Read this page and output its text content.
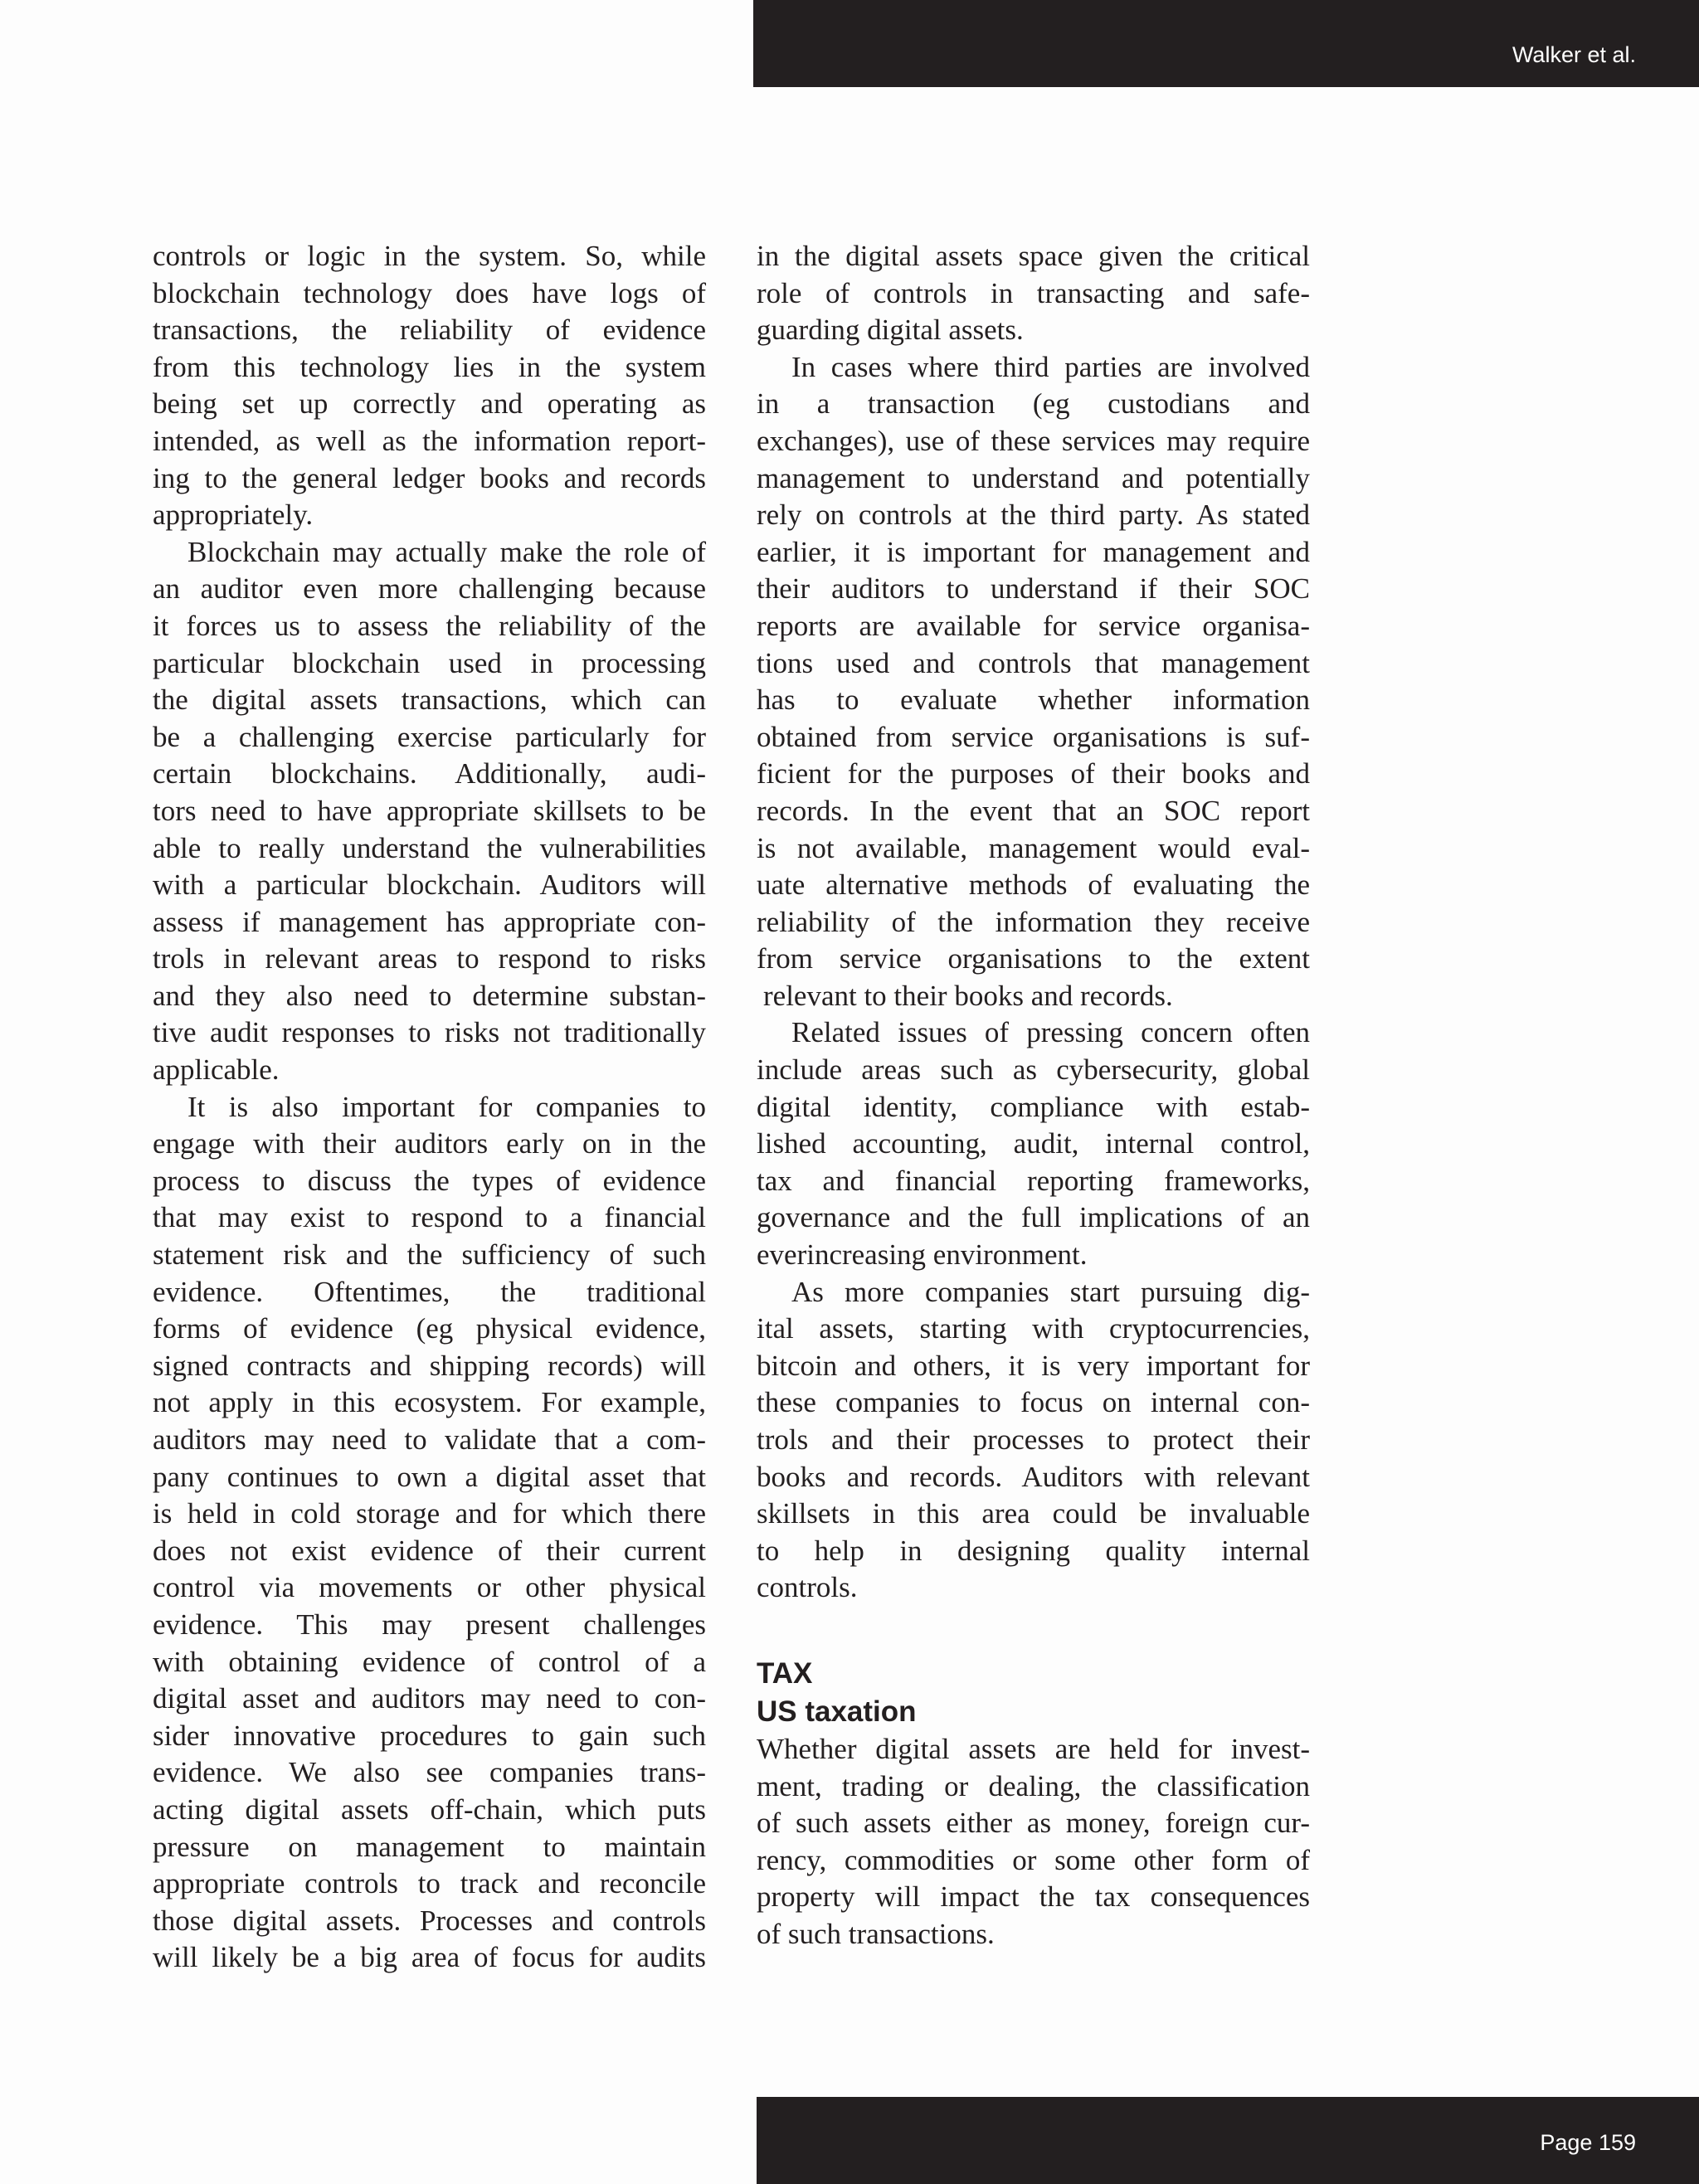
Walker et al.
controls or logic in the system. So, while
blockchain technology does have logs of
transactions, the reliability of evidence
from this technology lies in the system
being set up correctly and operating as
intended, as well as the information report-
ing to the general ledger books and records
appropriately.
Blockchain may actually make the role of
an auditor even more challenging because
it forces us to assess the reliability of the
particular blockchain used in processing
the digital assets transactions, which can
be a challenging exercise particularly for
certain blockchains. Additionally, audi-
tors need to have appropriate skillsets to be
able to really understand the vulnerabilities
with a particular blockchain. Auditors will
assess if management has appropriate con-
trols in relevant areas to respond to risks
and they also need to determine substan-
tive audit responses to risks not traditionally
applicable.
It is also important for companies to
engage with their auditors early on in the
process to discuss the types of evidence
that may exist to respond to a financial
statement risk and the sufficiency of such
evidence. Oftentimes, the traditional
forms of evidence (eg physical evidence,
signed contracts and shipping records) will
not apply in this ecosystem. For example,
auditors may need to validate that a com-
pany continues to own a digital asset that
is held in cold storage and for which there
does not exist evidence of their current
control via movements or other physical
evidence. This may present challenges
with obtaining evidence of control of a
digital asset and auditors may need to con-
sider innovative procedures to gain such
evidence. We also see companies trans-
acting digital assets off-chain, which puts
pressure on management to maintain
appropriate controls to track and reconcile
those digital assets. Processes and controls
will likely be a big area of focus for audits
in the digital assets space given the critical
role of controls in transacting and safe-
guarding digital assets.
In cases where third parties are involved
in a transaction (eg custodians and
exchanges), use of these services may require
management to understand and potentially
rely on controls at the third party. As stated
earlier, it is important for management and
their auditors to understand if their SOC
reports are available for service organisa-
tions used and controls that management
has to evaluate whether information
obtained from service organisations is suf-
ficient for the purposes of their books and
records. In the event that an SOC report
is not available, management would eval-
uate alternative methods of evaluating the
reliability of the information they receive
from service organisations to the extent
relevant to their books and records.
Related issues of pressing concern often
include areas such as cybersecurity, global
digital identity, compliance with estab-
lished accounting, audit, internal control,
tax and financial reporting frameworks,
governance and the full implications of an
everincreasing environment.
As more companies start pursuing dig-
ital assets, starting with cryptocurrencies,
bitcoin and others, it is very important for
these companies to focus on internal con-
trols and their processes to protect their
books and records. Auditors with relevant
skillsets in this area could be invaluable
to help in designing quality internal
controls.
TAX
US taxation
Whether digital assets are held for invest-
ment, trading or dealing, the classification
of such assets either as money, foreign cur-
rency, commodities or some other form of
property will impact the tax consequences
of such transactions.
Page 159
